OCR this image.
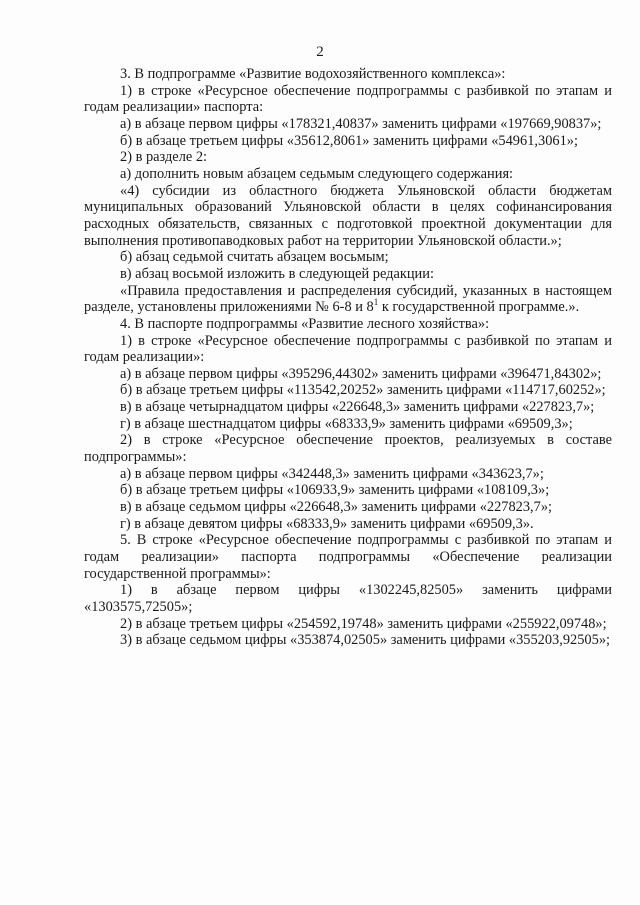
2

3. В подпрограмме «Развитие водохозяйственного комплекса»:

1) в строке «Ресурсное обеспечение подпрограммы с разбивкой по этапам и годам реализации» паспорта:

а) в абзаце первом цифры «178321,40837» заменить цифрами «197669,90837»;

б) в абзаце третьем цифры «35612,8061» заменить цифрами «54961,3061»;

2) в разделе 2:

а) дополнить новым абзацем седьмым следующего содержания:

«4) субсидии из областного бюджета Ульяновской области бюджетам муниципальных образований Ульяновской области в целях софинансирования расходных обязательств, связанных с подготовкой проектной документации для выполнения противопаводковых работ на территории Ульяновской области.»;

б) абзац седьмой считать абзацем восьмым;

в) абзац восьмой изложить в следующей редакции:

«Правила предоставления и распределения субсидий, указанных в настоящем разделе, установлены приложениями № 6-8 и $8^1$ к государственной программе.».

4. В паспорте подпрограммы «Развитие лесного хозяйства»:

1) в строке «Ресурсное обеспечение подпрограммы с разбивкой по этапам и годам реализации»:

а) в абзаце первом цифры «395296,44302» заменить цифрами «396471,84302»;

б) в абзаце третьем цифры «113542,20252» заменить цифрами «114717,60252»;

в) в абзаце четырнадцатом цифры «226648,3» заменить цифрами «227823,7»;

г) в абзаце шестнадцатом цифры «68333,9» заменить цифрами «69509,3»;

2) в строке «Ресурсное обеспечение проектов, реализуемых в составе подпрограммы»:

а) в абзаце первом цифры «342448,3» заменить цифрами «343623,7»;

б) в абзаце третьем цифры «106933,9» заменить цифрами «108109,3»;

в) в абзаце седьмом цифры «226648,3» заменить цифрами «227823,7»;

г) в абзаце девятом цифры «68333,9» заменить цифрами «69509,3».

5. В строке «Ресурсное обеспечение подпрограммы с разбивкой по этапам и годам реализации» паспорта подпрограммы «Обеспечение реализации государственной программы»:

1) в абзаце первом цифры «1302245,82505» заменить цифрами «1303575,72505»;

2) в абзаце третьем цифры «254592,19748» заменить цифрами «255922,09748»;

3) в абзаце седьмом цифры «353874,02505» заменить цифрами «355203,92505»;
